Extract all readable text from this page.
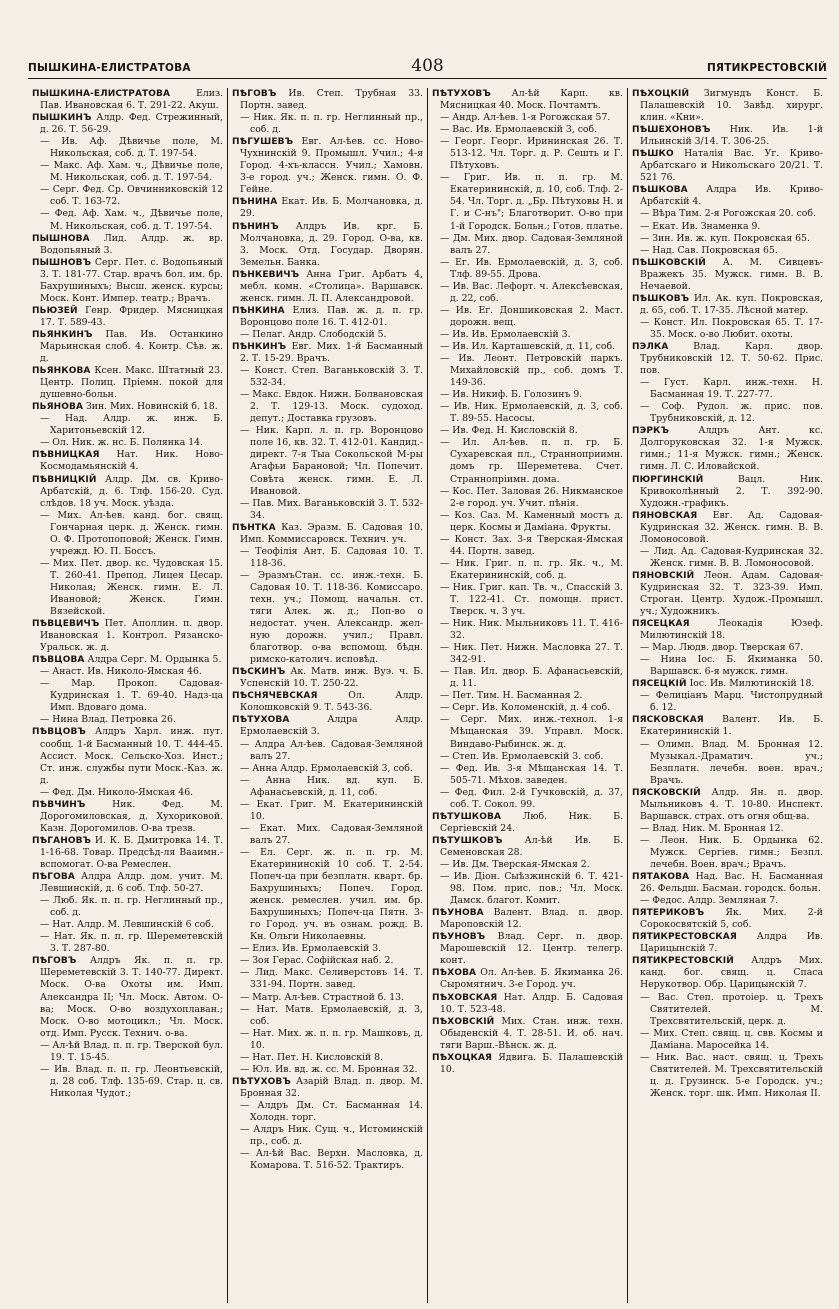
ПЫШКИНА-ЕЛИСТРАТОВА	408	ПЯТИКРЕСТОВСКІЙ

ПЫШКИНА-ЕЛИСТРАТОВА Елиз. Пав. Ивановская 6. Т. 291-22. Акуш.

ПЫШКИНЪ Алдр. Фед. Стрежинный, д. 26. Т. 56-29.

— Ив. Аф. Дѣвичье поле, М. Никольская, соб. д. Т. 197-54.

— Макс. Аф. Хам. ч., Дѣвичье поле, М. Никольская, соб. д. Т. 197-54.

— Серг. Фед. Ср. Овчинниковскій 12 соб. Т. 163-72.

— Фед. Аф. Хам. ч., Дѣвичье поле, М. Никольская, соб. д. Т. 197-54.

ПЫШНОВА Лид. Алдр. ж. вр. Водопьяный 3.

ПЫШНОВЪ Серг. Пет. с. Водопьяный 3. Т. 181-77. Стар. врачъ бол. им. бр. Бахрушиныхъ; Высш. женск. курсы; Моск. Конт. Импер. театр.; Врачъ.

ПЬЮЗЕЙ Генр. Фридер. Мясницкая 17. Т. 589-43.

ПЬЯНКИНЪ Пав. Ив. Останкино Марьинская слоб. 4. Контр. Сѣв. ж. д.

ПЬЯНКОВА Ксен. Макс. Штатный 23. Центр. Полиц. Пріемн. покой для душевно-больн.

ПЬЯНОВА Зин. Мих. Новинскій б. 18.

— Над. Алдр. ж. инж. Б. Харитоньевскій 12.

— Ол. Ник. ж. нс. Б. Полянка 14.

ПѢВНИЦКАЯ Нат. Ник. Ново-Космодамьянскій 4.

ПѢВНИЦКІЙ Алдр. Дм. св. Криво-Арбатскій, д. 6. Тлф. 156-20. Суд. слѣдов. 18 уч. Моск. уѣзда.

— Мих. Ал-ѣев. канд. бог. свящ. Гончарная церк. д. Женск. гимн. О. Ф. Протопоповой; Женск. Гимн. учрежд. Ю. П. Боссъ.

— Мих. Пет. двор. кс. Чудовская 15. Т. 260-41. Препод. Лицея Цесар. Николая; Женск. гимн. Е. Л. Ивановой; Женск. Гимн. Вязейской.

ПѢВЦЕВИЧЪ Пет. Аполлин. п. двор. Ивановская 1. Контрол. Рязанско-Уральск. ж. д.

ПѢВЦОВА Алдра Серг. М. Ордынка 5.

— Анаст. Ив. Николо-Ямская 46.

— Мар. Прокоп. Садовая-Кудринская 1. Т. 69-40. Надз-ца Имп. Вдоваго дома.

— Нина Влад. Петровка 26.

ПѢВЦОВЪ Алдръ Харл. инж. пут. сообщ. 1-й Басманный 10. Т. 444-45. Ассист. Моск. Сельско-Хоз. Инст.; Ст. инж. службы пути Моск.-Каз. ж. д.

— Фед. Дм. Николо-Ямская 46.

ПѢВЧИНЪ Ник. Фед. М. Дорогомиловская, д. Хухориковой. Казн. Дорогомилов. О-ва трезв.

ПѢГАНОВЪ И. К. Б. Дмитровка 14. Т. 1-16-68. Товар. Предсѣд-ля Вааимн.-вспомогат. О-ва Ремеслен.

ПѢГОВА Алдра Алдр. дом. учит. М. Левшинскій, д. 6 соб. Тлф. 50-27.

— Люб. Як. п. п. гр. Неглинный пр., соб. д.

— Нат. Алдр. М. Левшинскій 6 соб.

— Нат. Як. п. п. гр. Шереметевскій 3. Т. 287-80.

ПѢГОВЪ Алдръ Як. п. п. гр. Шереметевскій 3. Т. 140-77. Директ. Моск. О-ва Охоты им. Имп. Александра II; Чл. Моск. Автом. О-ва; Моск. О-во воздухоплаван.; Моск. О-во мотоцикл.; Чл. Моск. отд. Имп. Русск. Технич. о-ва.

— Ал-ѣй Влад. п. п. гр. Тверской бул. 19. Т. 15-45.

— Ив. Влад. п. п. гр. Леонтьевскій, д. 28 соб. Тлф. 135-69. Стар. ц. св. Николая Чудот.;

ПѢГОВЪ Ив. Степ. Трубная 33. Портн. завед.

— Ник. Як. п. п. гр. Неглинный пр., соб. д.

ПѢГУШЕВЪ Евг. Ал-ѣев. сс. Ново-Чухнинскій 9. Промышл. Учил.; 4-я Город. 4-хъ-классн. Учил.; Хамовн. 3-е город. уч.; Женск. гимн. О. Ф. Гейне.

ПѢНИНА Екат. Ив. Б. Молчановка, д. 29.

ПѢНИНЪ Алдръ Ив. крг. Б. Молчановка, д. 29. Город. О-ва, кв. 3. Моск. Отд. Государ. Дворян. Земельн. Банка.

ПѢНКЕВИЧЪ Анна Григ. Арбатъ 4, мебл. комн. «Столица». Варшавск. женск. гимн. Л. П. Александровой.

ПѢНКИНА Елиз. Пав. ж. д. п. гр. Воронцово поле 16. Т. 412-01.

— Пелаг. Андр. Слободскій 5.

ПѢНКИНЪ Евг. Мих. 1-й Басманный 2. Т. 15-29. Врачъ.

— Конст. Степ. Ваганьковскій 3. Т. 532-34.

— Макс. Евдок. Нижн. Болвановская 2. Т. 129-13. Моск. судоход. депут.; Доставка грузовъ.

— Ник. Карп. л. п. гр. Воронцово поле 16, кв. 32. Т. 412-01. Кандид.-директ. 7-я Тыа Сокольской М-ры Агафьи Барановой; Чл. Попечит. Совѣта женск. гимн. Е. Л. Ивановой.

— Пав. Мих. Ваганьковскій 3. Т. 532-34.

ПѢНТКА Каз. Эразм. Б. Садовая 10. Имп. Коммиссаровск. Технич. уч.

— Теофілія Ант. Б. Садовая 10. Т. 118-36.

— ЭразмъСтан. сс. инж.-техн. Б. Садовая 10. Т. 118-36. Комиссаро. техн. уч.; Помощ. начальн. ст. тяги Алек. ж. д.; Поп-во о недостат. учен. Александр. жел-ную дорожн. учил.; Правл. благотвор. о-ва вспомощ. бѣдн. римско-католич. исповѣд.

ПѢСКИНЪ Ак. Матв. инж. Вуэ. ч. Б. Успенскій 10. Т. 250-22.

ПѢСНЯЧЕВСКАЯ Ол. Алдр. Колошковскій 9. Т. 543-36.

ПѢТУХОВА Алдра Алдр. Ермолаевскій 3.

— Алдра Ал-ѣев. Садовая-Земляной валъ 27.

— Анна Алдр. Ермолаевскій 3, соб.

— Анна Ник. вд. куп. Б. Афанасьевскій, д. 11, соб.

— Екат. Григ. М. Екатерининскій 10.

— Екат. Мих. Садовая-Земляной валъ 27.

— Ел. Серг. ж. п. п. гр. М. Екатерининскій 10 соб. Т. 2-54. Попеч-ца при безплатн. кварт. бр. Бахрушиныхъ; Попеч. Город. женск. ремеслен. учил. им. бр. Бахрушиныхъ; Попеч-ца Пятн. 3-го Город. уч. въ ознам. рожд. В. Кн. Ольги Николаевны.

— Елиз. Ив. Ермолаевскій 3.

— Зоя Герас. Софійская наб. 2.

— Лид. Макс. Селиверстовъ 14. Т. 331-94. Портн. завед.

— Матр. Ал-ѣев. Страстной б. 13.

— Нат. Матв. Ермолаевскій, д. 3, соб.

— Нат. Мих. ж. п. п. гр. Машковъ, д. 10.

— Нат. Пет. Н. Кисловскій 8.

— Юл. Ив. вд. ж. сс. М. Бронная 32.

ПѢТУХОВЪ Азарій Влад. п. двор. М. Бронная 32.

— Алдръ Дм. Ст. Басманная 14. Холодн. торг.

— Алдръ Ник. Сущ. ч., Истоминскій пр., соб. д.

— Ал-ѣй Вас. Верхн. Масловка, д. Комарова. Т. 516-52. Трактиръ.

ПѢТУХОВЪ Ал-ѣй Карп. кв. Мясницкая 40. Моск. Почтамтъ.

— Андр. Ал-ѣев. 1-я Рогожская 57.

— Вас. Ив. Ермолаевскій 3, соб.

— Георг. Георг. Ирининская 26. Т. 513-12. Чл. Торг. д. Р. Сешть и Г. Пѣтуховъ.

— Григ. Ив. п. п. гр. М. Екатерининскій, д. 10, соб. Тлф. 2-54. Чл. Торг. д. „Бр. Пѣтуховы Н. и Г. и С-нъ"; Благотворит. О-во при 1-й Городск. Больн.; Готов. платье.

— Дм. Мих. двор. Садовая-Земляной валъ 27.

— Ег. Ив. Ермолаевскій, д. 3, соб. Тлф. 89-55. Дрова.

— Ив. Вас. Лефорт. ч. Алексѣевская, д. 22, соб.

— Ив. Ег. Доншиковская 2. Маст. дорожн. вещ.

— Ив. Ив. Ермолаевскій 3.

— Ив. Ил. Карташевскій, д. 11, соб.

— Ив. Леонт. Петровскій паркъ. Михайловскій пр., соб. домъ Т. 149-36.

— Ив. Никиф. Б. Голозинъ 9.

— Ив. Ник. Ермолаевскій, д. 3, соб. Т. 89-55. Насосы.

— Ив. Фед. Н. Кисловскій 8.

— Ил. Ал-ѣев. п. п. гр. Б. Сухаревская пл., Странноприимн. домъ гр. Шереметева. Счет. Страннопріимн. дома.

— Кос. Пет. Заловая 26. Никманское 2-е город. уч. Учит. пѣнія.

— Коз. Саз. М. Каменный мостъ д. церк. Космы и Даміана. Фрукты.

— Конст. Зах. 3-я Тверская-Ямская 44. Портн. завед.

— Ник. Григ. п. п. гр. Як. ч., М. Екатерининскій, соб. д.

— Ник. Григ. кап. Тв. ч., Спасскій 3. Т. 122-41. Ст. помощн. прист. Тверск. ч. 3 уч.

— Ник. Ник. Мыльниковъ 11. Т. 416-32.

— Ник. Пет. Нижн. Масловка 27. Т. 342-91.

— Пав. Ил. двор. Б. Афанасьевскій, д. 11.

— Пет. Тим. Н. Басманная 2.

— Серг. Ив. Коломенскій, д. 4 соб.

— Серг. Мих. инж.-технол. 1-я Мѣщанская 39. Управл. Моск. Виндаво-Рыбинск. ж. д.

— Степ. Ив. Ермолаевскій 3. соб.

— Фед. Ив. 3-я Мѣщанская 14. Т. 505-71. Мѣхов. заведен.

— Фед. Фил. 2-й Гучковскій, д. 37, соб. Т. Сокол. 99.

ПѢТУШКОВА Люб. Ник. Б. Сергіевскій 24.

ПѢТУШКОВЪ Ал-ѣй Ив. Б. Семеновская 28.

— Ив. Дм. Тверская-Ямская 2.

— Ив. Діон. Сыѣзжинскій 6. Т. 421-98. Пом. прис. пов.; Чл. Моск. Дамск. благот. Комит.

ПѢУНОВА Валент. Влад. п. двор. Мароповскій 12.

ПѢУНОВЪ Влад. Серг. п. двор. Марошевскій 12. Центр. телегр. конт.

ПѢХОВА Ол. Ал-ѣев. Б. Якиманка 26. Сыромятнич. 3-е Город. уч.

ПѢХОВСКАЯ Нат. Алдр. Б. Садовая 10. Т. 523-48.

ПѢХОВСКІЙ Мих. Стан. инж. техн. Обыденскій 4. Т. 28-51. И. об. нач. тяги Варш.-Вѣнск. ж. д.

ПѢХОЦКАЯ Ядвига. Б. Палашевскій 10.

ПѢХОЦКІЙ Зигмундъ Конст. Б. Палашевскій 10. Завѣд. хирург. клин. «Кни».

ПѢШЕХОНОВЪ Ник. Ив. 1-й Ильинскій 3/14. Т. 306-25.

ПѢШКО Наталія Вас. Уг. Криво-Арбатскаго и Никольскаго 20/21. Т. 521 76.

ПѢШКОВА Алдра Ив. Криво-Арбатскій 4.

— Вѣра Тим. 2-я Рогожская 20. соб.

— Екат. Ив. Знаменка 9.

— Зин. Ив. ж. куп. Покровская 65.

— Над. Сав. Покровская 65.

ПѢШКОВСКІЙ А. М. Сивцевъ-Вражекъ 35. Мужск. гимн. В. В. Нечаевой.

ПѢШКОВЪ Ил. Ак. куп. Покровская, д. 65, соб. Т. 17-35. Лѣсной матер.

— Конст. Ил. Покровская 65. Т. 17-35. Моск. о-во Любит. охоты.

ПЭЛКА Влад. Карл. двор. Трубниковскій 12. Т. 50-62. Прис. пов.

— Густ. Карл. инж.-техн. Н. Басманная 19. Т. 227-77.

— Соф. Рудол. ж. прис. пов. Трубниковскій, д. 12.

ПЭРКЪ Алдръ Ант. кс. Долгоруковская 32. 1-я Мужск. гимн.; 11-я Мужск. гимн.; Женск. гимн. Л. С. Иловайской.

ПЮРГИНСКІЙ Вацл. Ник. Кривоколѣнный 2. Т. 392-90. Художн.-графикъ.

ПЯНОВСКАЯ Евг. Ад. Садовая-Кудринская 32. Женск. гимн. В. В. Ломоносовой.

— Лид. Ад. Садовая-Кудринская 32. Женск. гимн. В. В. Ломоносовой.

ПЯНОВСКІЙ Леон. Адам. Садовая-Кудринская 32. Т. 323-39. Имп. Строган. Центр. Худож.-Промышл. уч.; Художникъ.

ПЯСЕЦКАЯ Леокадія Юзеф. Милютинскій 18.

— Мар. Людв. двор. Тверская 67.

— Нина Іос. Б. Якиманка 50. Варшавск. 6-я мужск. гимн.

ПЯСЕЦКІЙ Іос. Ив. Милютинскій 18.

— Фелиціанъ Марц. Чистопрудный б. 12.

ПЯСКОВСКАЯ Валент. Ив. Б. Екатерининскій 1.

— Олимп. Влад. М. Бронная 12. Музыкал.-Драматич. уч.; Безплатн. лечебн. воен. врач.; Врачъ.

ПЯСКОВСКІЙ Алдр. Ян. п. двор. Мыльниковъ 4. Т. 10-80. Инспект. Варшавск. страх. отъ огня общ-ва.

— Влад. Ник. М. Бронная 12.

— Леон. Ник. Б. Ордынка 62. Мужск. Сергіев. гимн.; Безпл. лечебн. Воен. врач.; Врачъ.

ПЯТАКОВА Над. Вас. Н. Басманная 26. Фельдш. Басман. городск. больн.

— Федос. Алдр. Земляная 7.

ПЯТЕРИКОВЪ Як. Мих. 2-й Сорокосвятскій 5, соб.

ПЯТИКРЕСТОВСКАЯ Алдра Ив. Царицынскій 7.

ПЯТИКРЕСТОВСКІЙ Алдръ Мих. канд. бог. свящ. ц. Спаса Нерукотвор. Обр. Царицынскій 7.

— Вас. Степ. протоіер. ц. Трехъ Святителей. М. Трехсвятительскій, церк. д.

— Мих. Степ. свящ. ц. свв. Космы и Даміана. Маросейка 14.

— Ник. Вас. наст. свящ. ц. Трехъ Святителей. М. Трехсвятительскій ц. д. Грузинск. 5-е Городск. уч.; Женск. торг. шк. Имп. Николая II.
